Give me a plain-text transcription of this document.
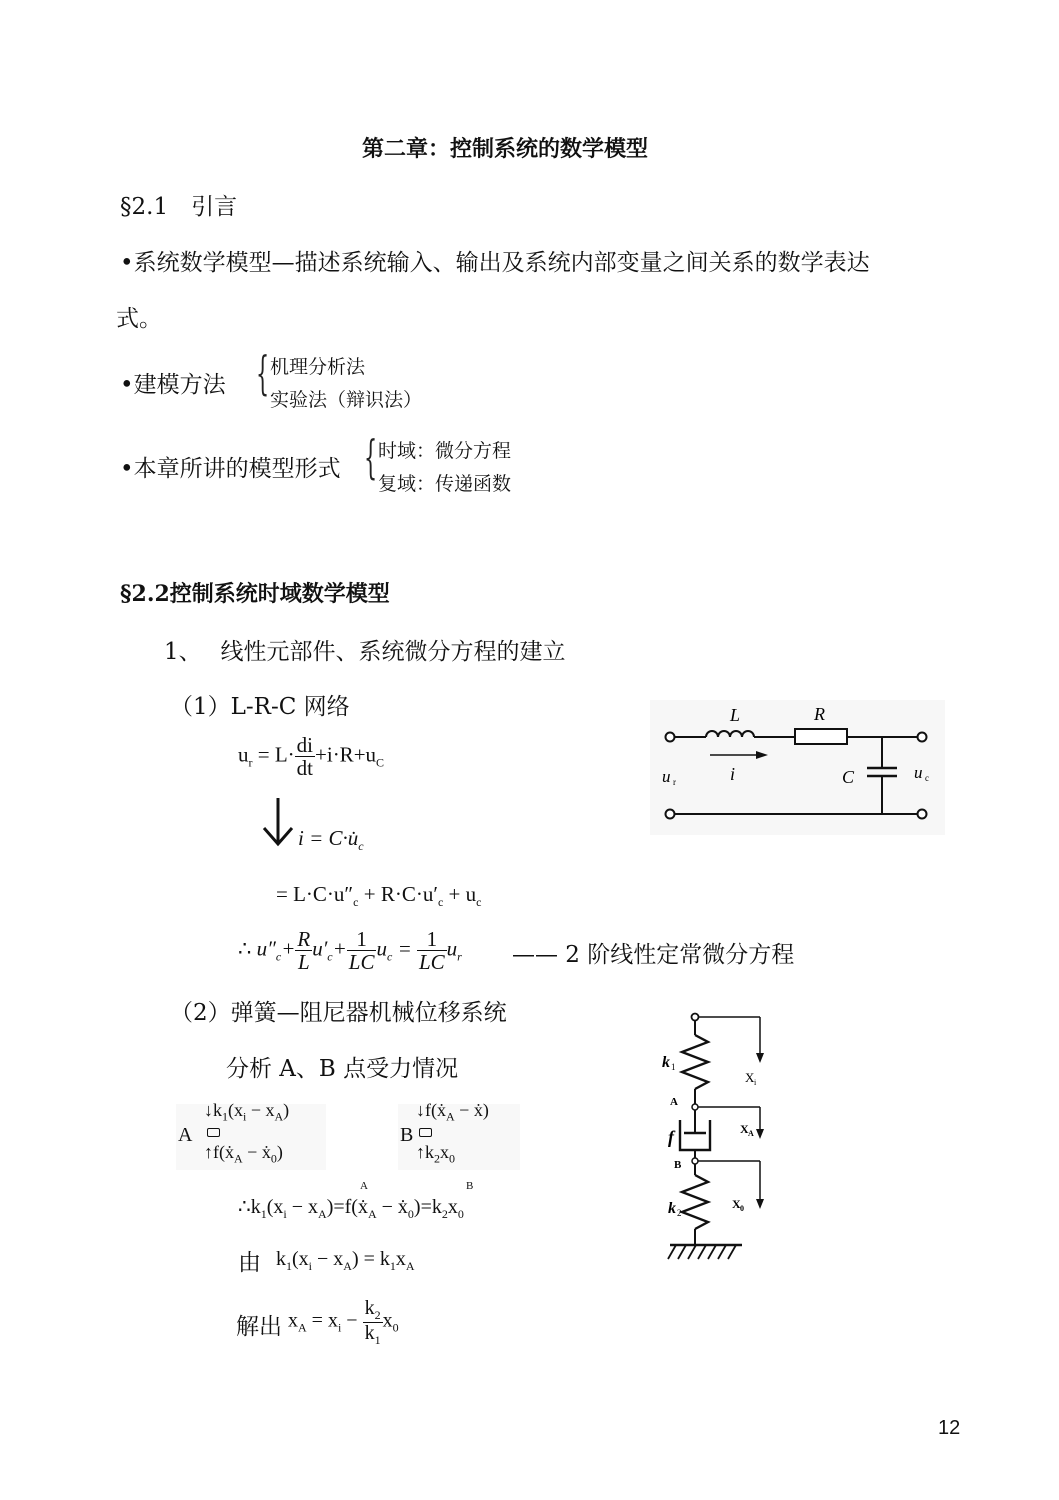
第二章：控制系统的数学模型
§2.1　引言
•系统数学模型—描述系统输入、输出及系统内部变量之间关系的数学表达
式。
•建模方法 { 机理分析法
实验法（辩识法）
•本章所讲的模型形式 { 时域：微分方程
复域：传递函数
§2.2控制系统时域数学模型
1、　 线性元部件、系统微分方程的建立
（1）L-R-C 网络
$u_r = L\cdot \frac{di}{dt} +i\cdot R+u_C$
$i = C\cdot u̇_c$
= $L\cdot C\cdot u''_c + R\cdot C\cdot u'_c + u_c$
∴ $u''_c+ \frac{R}{L} u'_c+ \frac{1}{LC} u_c = \frac{1}{LC} u_r$ —— 2 阶线性定常微分方程
L	R
C
i
u r	u c
（2）弹簧—阻尼器机械位移系统
分析 A、B 点受力情况
A
$↓k_1(x_i - x_A)$
↑f(ẋ$_A$ − ẋ$_0$)
B
↓f(ẋ$_A$ − ẋ)
$↑k_2x_0$
A	B
$\therefore k_1(x_i$ − $x_A)=f(ẋ_A$ − $ẋ_0)=k_2x_0$
由 $k_1(x_i - x_A) = k_1x_A$
解出 $x_A = x_i - \frac{k_2}{k_1} x_0$
k 1
A
f
B
k 2
X i
X A
X 0
12
